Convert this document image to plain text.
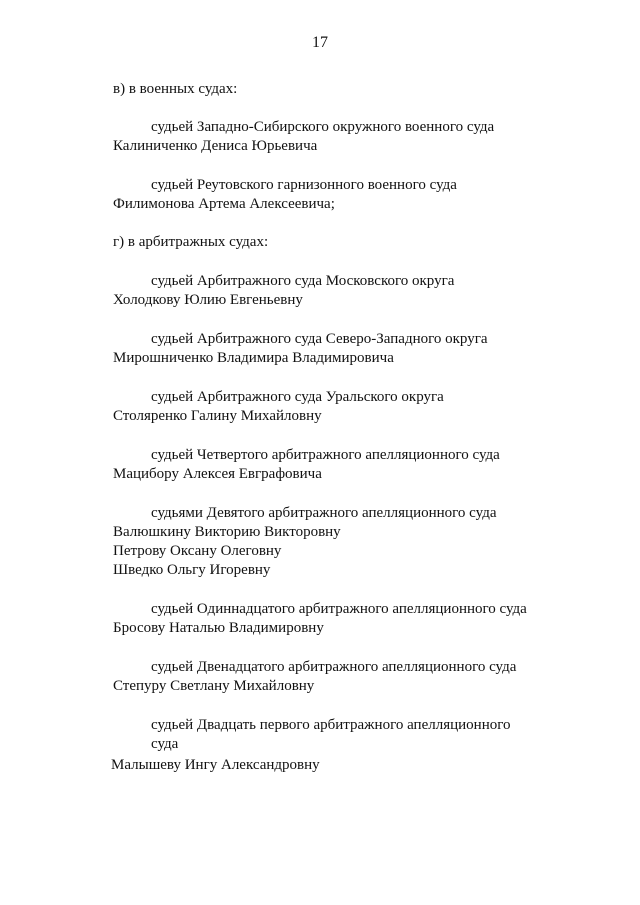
17
в) в военных судах:
судьей Западно-Сибирского окружного военного суда
Калиниченко Дениса Юрьевича
судьей Реутовского гарнизонного военного суда
Филимонова Артема Алексеевича;
г) в арбитражных судах:
судьей Арбитражного суда Московского округа
Холодкову Юлию Евгеньевну
судьей Арбитражного суда Северо-Западного округа
Мирошниченко Владимира Владимировича
судьей Арбитражного суда Уральского округа
Столяренко Галину Михайловну
судьей Четвертого арбитражного апелляционного суда
Мацибору Алексея Евграфовича
судьями Девятого арбитражного апелляционного суда
Валюшкину Викторию Викторовну
Петрову Оксану Олеговну
Шведко Ольгу Игоревну
судьей Одиннадцатого арбитражного апелляционного суда
Бросову Наталью Владимировну
судьей Двенадцатого арбитражного апелляционного суда
Степуру Светлану Михайловну
судьей Двадцать первого арбитражного апелляционного
суда
Малышеву Ингу Александровну
